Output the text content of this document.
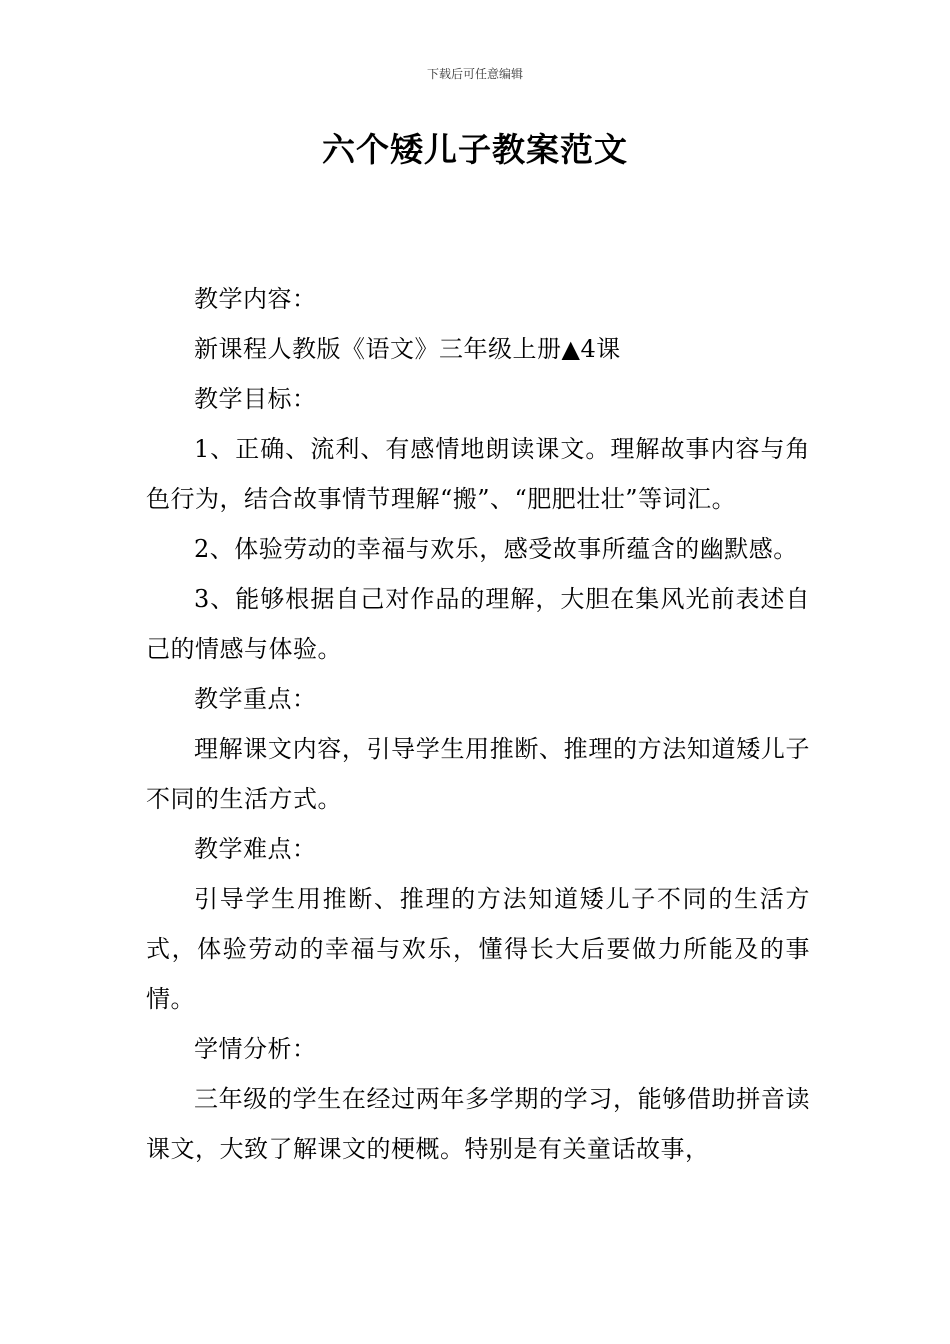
下载后可任意编辑
六个矮儿子教案范文

教学内容：

新课程人教版《语文》三年级上册▲4课

教学目标：

1、正确、流利、有感情地朗读课文。理解故事内容与角色行为，结合故事情节理解“搬”、“肥肥壮壮”等词汇。

2、体验劳动的幸福与欢乐，感受故事所蕴含的幽默感。

3、能够根据自己对作品的理解，大胆在集风光前表述自己的情感与体验。

教学重点：

理解课文内容，引导学生用推断、推理的方法知道矮儿子不同的生活方式。

教学难点：

引导学生用推断、推理的方法知道矮儿子不同的生活方式，体验劳动的幸福与欢乐，懂得长大后要做力所能及的事情。

学情分析：

三年级的学生在经过两年多学期的学习，能够借助拼音读课文，大致了解课文的梗概。特别是有关童话故事，
